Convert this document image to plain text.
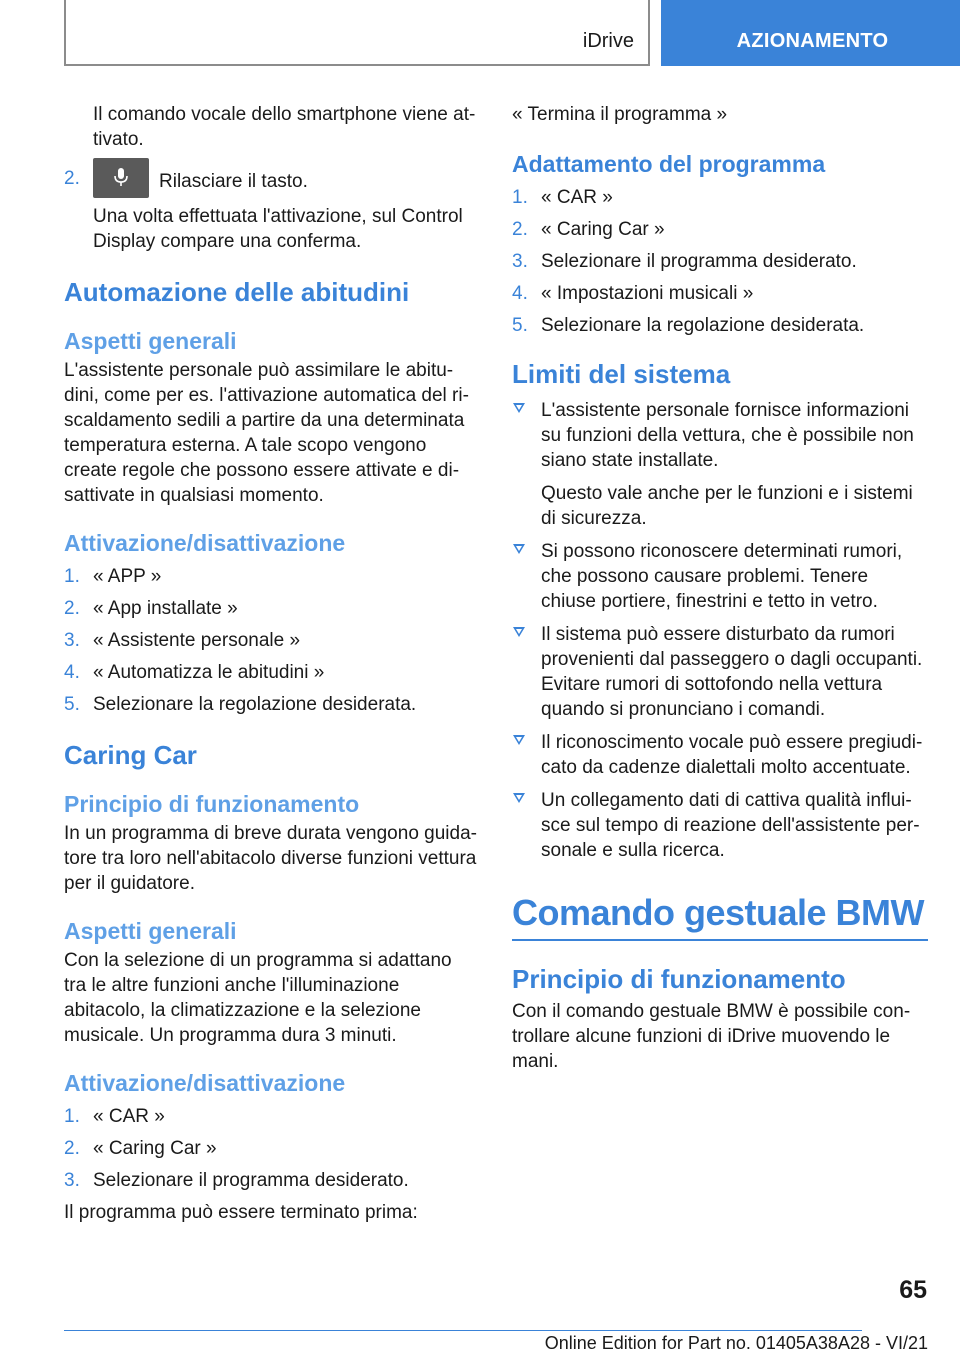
iDrive	AZIONAMENTO

Il comando vocale dello smartphone viene attivato.

2.	Rilasciare il tasto.

Una volta effettuata l'attivazione, sul Control Display compare una conferma.

Automazione delle abitudini
Aspetti generali

L'assistente personale può assimilare le abitudini, come per es. l'attivazione automatica del riscaldamento sedili a partire da una determinata temperatura esterna. A tale scopo vengono create regole che possono essere attivate e disattivate in qualsiasi momento.

Attivazione/disattivazione
1. « APP »
2. « App installate »
3. « Assistente personale »
4. « Automatizza le abitudini »
5. Selezionare la regolazione desiderata.
Caring Car
Principio di funzionamento

In un programma di breve durata vengono guidatore tra loro nell'abitacolo diverse funzioni vettura per il guidatore.

Aspetti generali

Con la selezione di un programma si adattano tra le altre funzioni anche l'illuminazione abitacolo, la climatizzazione e la selezione musicale. Un programma dura 3 minuti.

Attivazione/disattivazione
1. « CAR »
2. « Caring Car »
3. Selezionare il programma desiderato.

Il programma può essere terminato prima:

« Termina il programma »

Adattamento del programma
1. « CAR »
2. « Caring Car »
3. Selezionare il programma desiderato.
4. « Impostazioni musicali »
5. Selezionare la regolazione desiderata.
Limiti del sistema
L'assistente personale fornisce informazioni su funzioni della vettura, che è possibile non siano state installate.

Questo vale anche per le funzioni e i sistemi di sicurezza.

Si possono riconoscere determinati rumori, che possono causare problemi. Tenere chiuse portiere, finestrini e tetto in vetro.
Il sistema può essere disturbato da rumori provenienti dal passeggero o dagli occupanti. Evitare rumori di sottofondo nella vettura quando si pronunciano i comandi.
Il riconoscimento vocale può essere pregiudicato da cadenze dialettali molto accentuate.
Un collegamento dati di cattiva qualità influisce sul tempo di reazione dell'assistente personale e sulla ricerca.
Comando gestuale BMW
Principio di funzionamento

Con il comando gestuale BMW è possibile controllare alcune funzioni di iDrive muovendo le mani.

65
Online Edition for Part no. 01405A38A28 - VI/21
